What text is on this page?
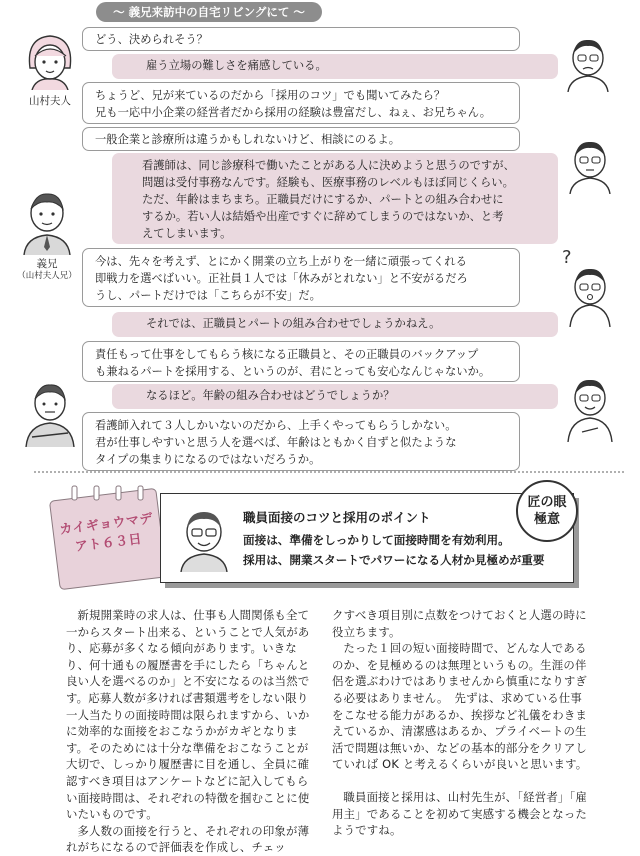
～ 義兄来訪中の自宅リビングにて ～
山村夫人
義兄
（山村夫人兄）
?
どう、決められそう？
雇う立場の難しさを痛感している。
ちょうど、兄が来ているのだから「採用のコツ」でも聞いてみたら？
兄も一応中小企業の経営者だから採用の経験は豊富だし、ねぇ、お兄ちゃん。
一般企業と診療所は違うかもしれないけど、相談にのるよ。
看護師は、同じ診療科で働いたことがある人に決めようと思うのですが、
問題は受付事務なんです。経験も、医療事務のレベルもほぼ同じくらい。
ただ、年齢はまちまち。正職員だけにするか、パートとの組み合わせに
するか。若い人は結婚や出産ですぐに辞めてしまうのではないか、と考
えてしまいます。
今は、先々を考えず、とにかく開業の立ち上がりを一緒に頑張ってくれる
即戦力を選べばいい。正社員１人では「休みがとれない」と不安がるだろ
うし、パートだけでは「こちらが不安」だ。
それでは、正職員とパートの組み合わせでしょうかねえ。
責任もって仕事をしてもらう核になる正職員と、その正職員のバックアップ
も兼ねるパートを採用する、というのが、君にとっても安心なんじゃないか。
なるほど。年齢の組み合わせはどうでしょうか？
看護師入れて３人しかいないのだから、上手くやってもらうしかない。
君が仕事しやすいと思う人を選べば、年齢はともかく自ずと似たような
タイプの集まりになるのではないだろうか。
カイギョウマデ
アト６３日
職員面接のコツと採用のポイント
面接は、準備をしっかりして面接時間を有効利用。
採用は、開業スタートでパワーになる人材か見極めが重要
匠の眼
極意

新規開業時の求人は、仕事も人間関係も全て一からスタート出来る、ということで人気があり、応募が多くなる傾向があります。いきなり、何十通もの履歴書を手にしたら「ちゃんと良い人を選べるのか」と不安になるのは当然です。応募人数が多ければ書類選考をしない限り一人当たりの面接時間は限られますから、いかに効率的な面接をおこなうかがカギとなります。そのためには十分な準備をおこなうことが大切で、しっかり履歴書に目を通し、全員に確認すべき項目はアンケートなどに記入してもらい面接時間は、それぞれの特徴を掴むことに使いたいものです。

多人数の面接を行うと、それぞれの印象が薄れがちになるので評価表を作成し、チェッ

クすべき項目別に点数をつけておくと人選の時に役立ちます。

たった１回の短い面接時間で、どんな人であるのか、を見極めるのは無理というもの。生涯の伴侶を選ぶわけではありませんから慎重になりすぎる必要はありません。　先ずは、求めている仕事をこなせる能力があるか、挨拶など礼儀をわきまえているか、清潔感はあるか、プライベートの生活で問題は無いか、などの基本的部分をクリアしていれば OK と考えるくらいが良いと思います。

職員面接と採用は、山村先生が、「経営者」「雇用主」であることを初めて実感する機会となったようですね。
